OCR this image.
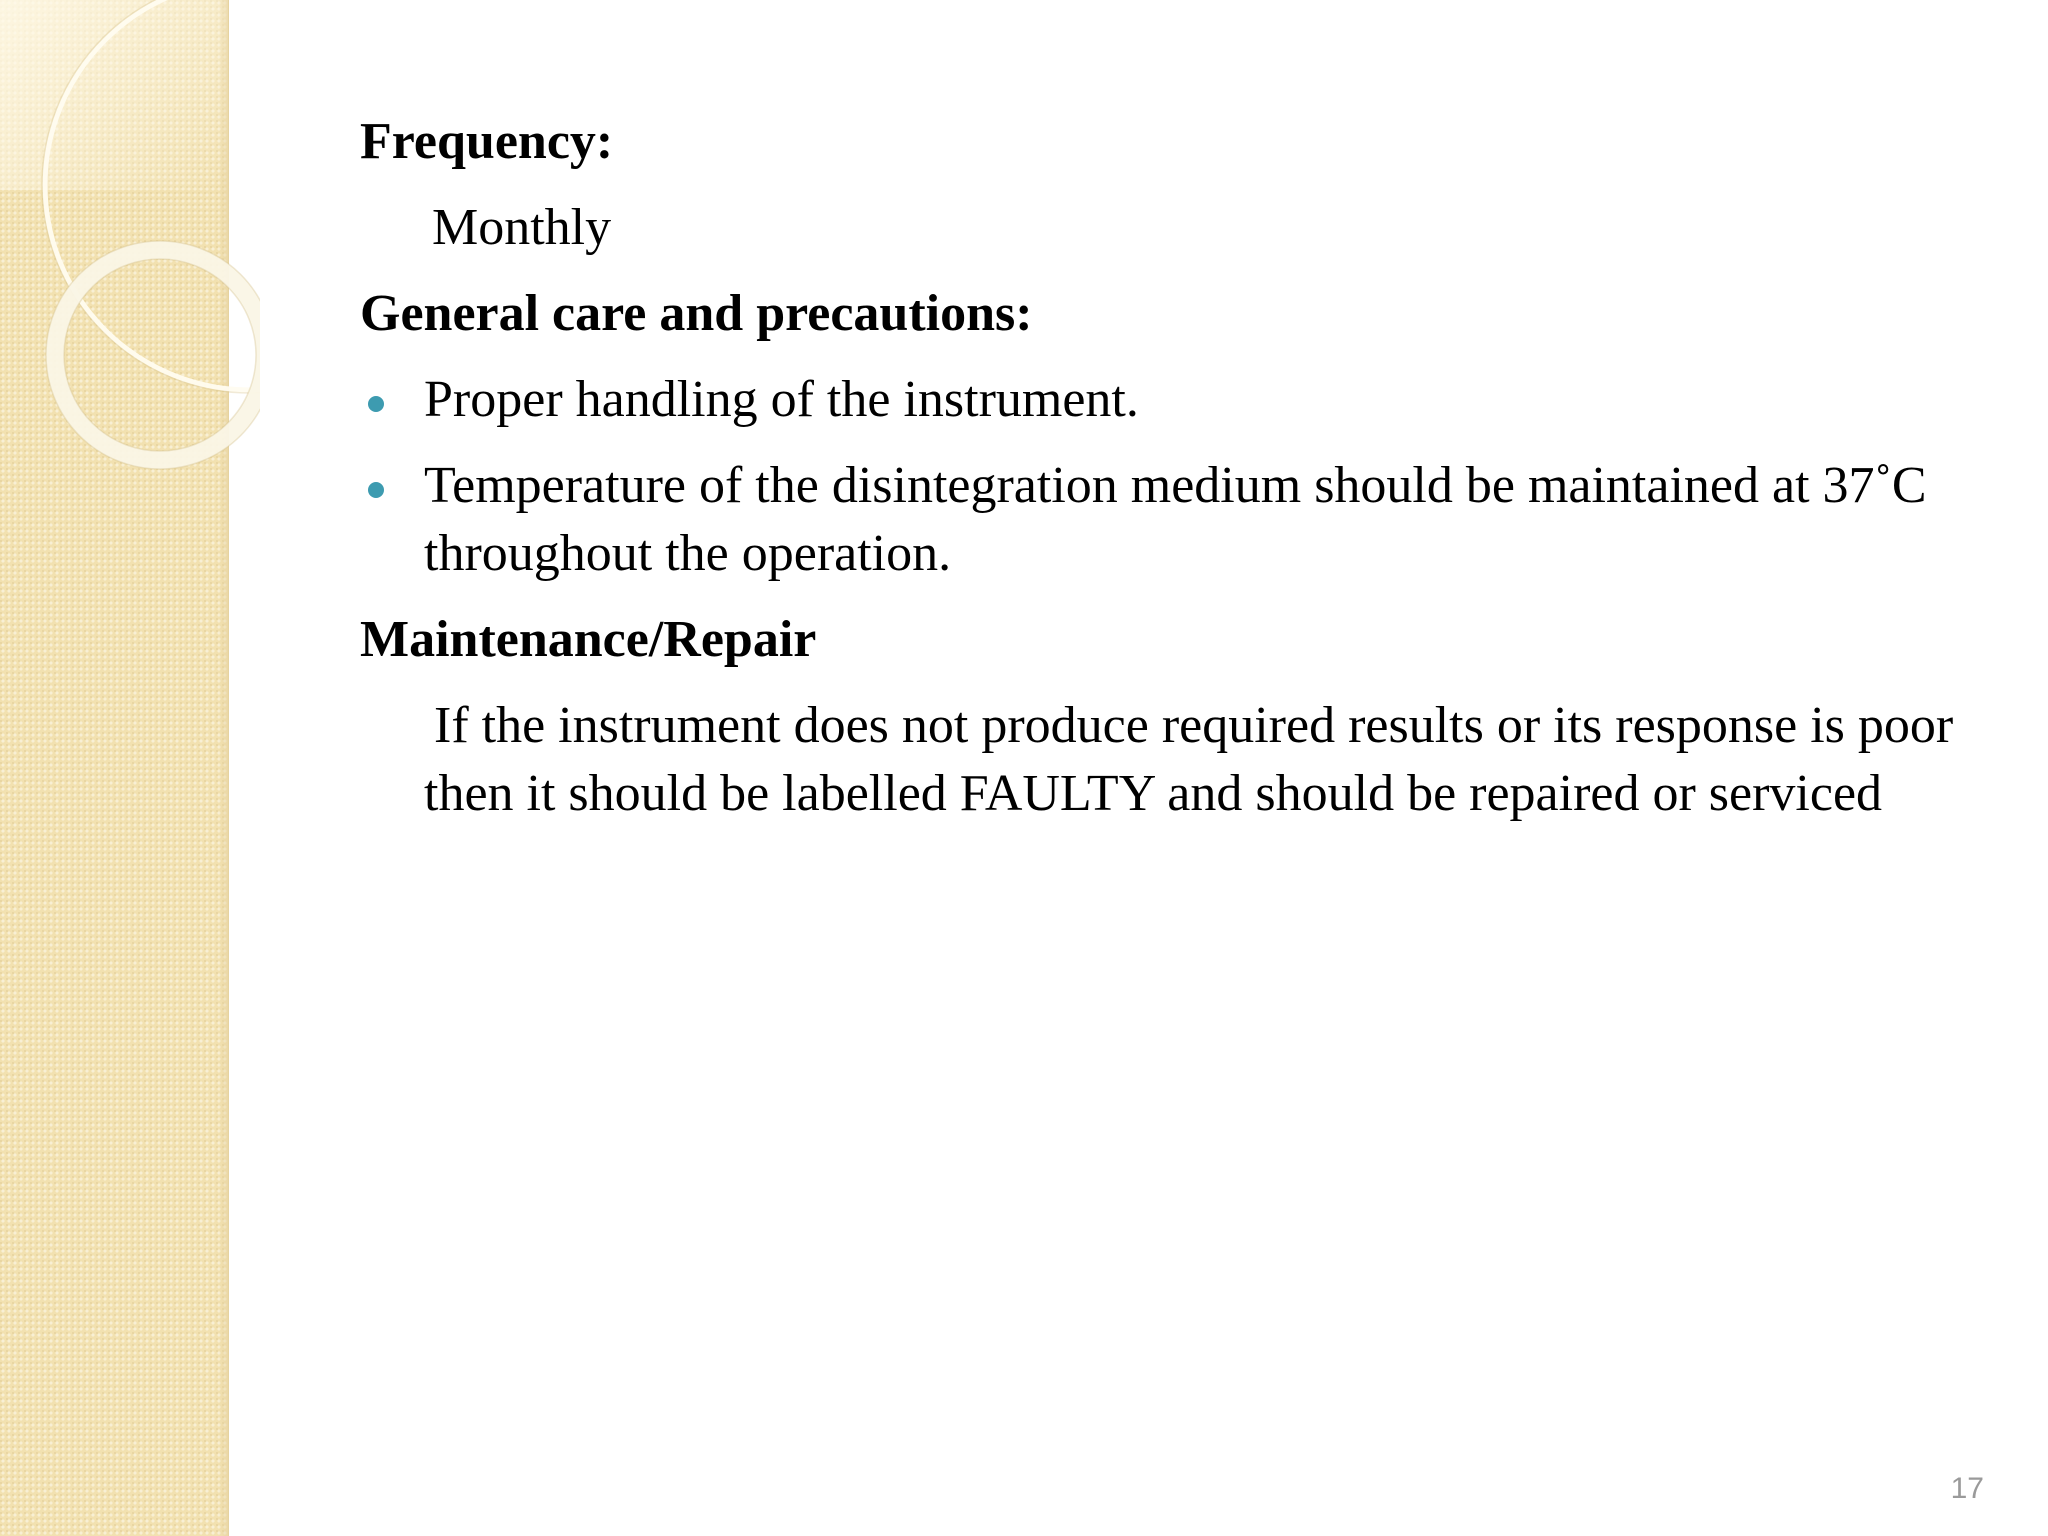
Frequency:

Monthly

General care and precautions:

Proper handling of the instrument.
Temperature of the disintegration medium should be maintained at 37˚C throughout the operation.

Maintenance/Repair

If the instrument does not produce required results or its response is poor then it should be labelled FAULTY and should be repaired or serviced

17
